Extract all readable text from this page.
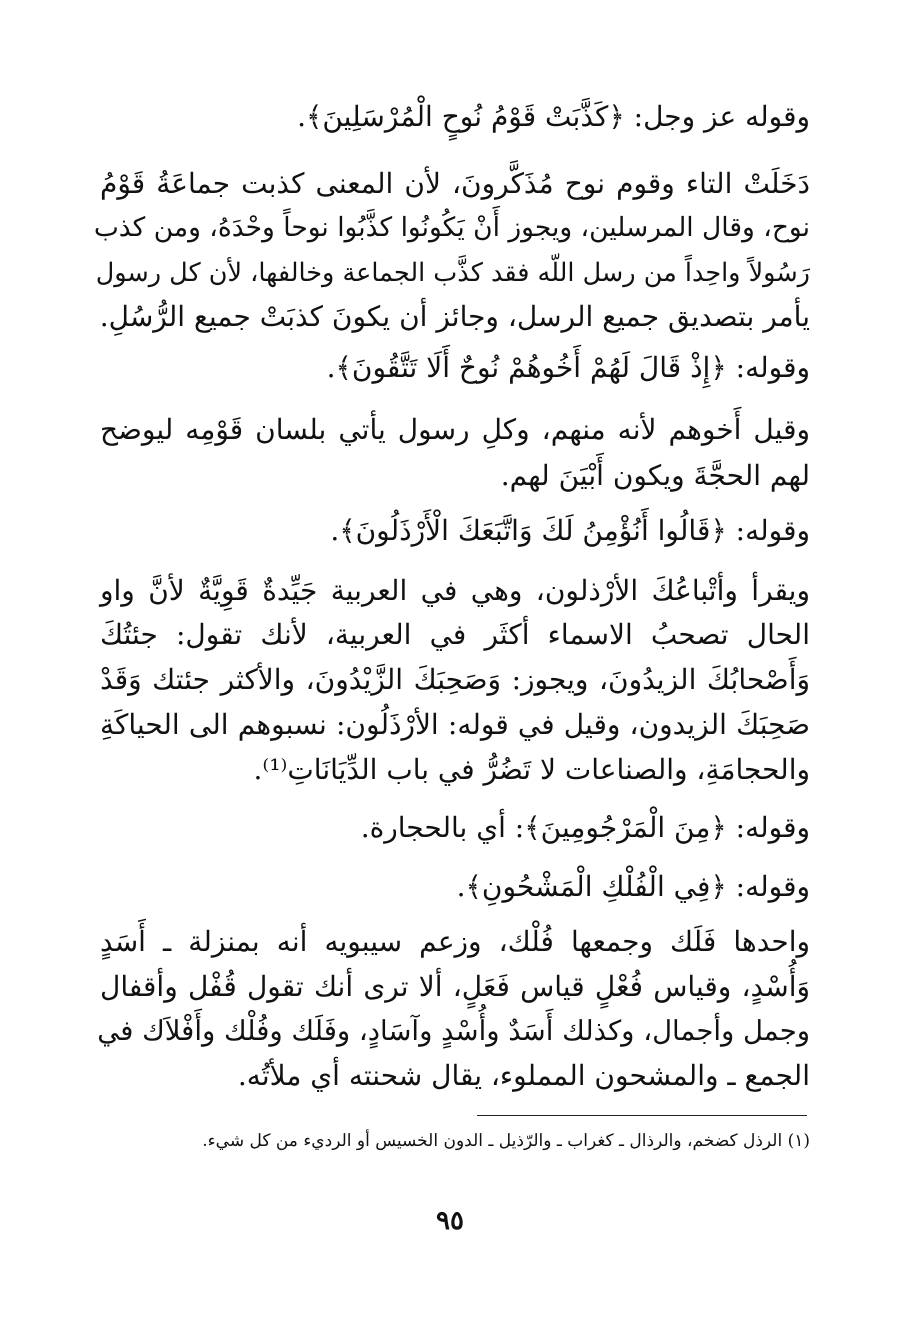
وقوله عز وجل: ﴿كَذَّبَتْ قَوْمُ نُوحٍ الْمُرْسَلِينَ﴾.
دَخَلَتْ التاء وقوم نوح مُذَكَّرونَ، لأن المعنى كذبت جماعَةُ قَوْمُ
نوح، وقال المرسلين، ويجوز أَنْ يَكُونُوا كذَّبُوا نوحاً وحْدَهُ، ومن كذب
رَسُولاً واحِداً من رسل اللّه فقد كذَّب الجماعة وخالفها، لأن كل رسول
يأمر بتصديق جميع الرسل، وجائز أن يكونَ كذبَتْ جميع الرُّسُلِ.
وقوله: ﴿إِذْ قَالَ لَهُمْ أَخُوهُمْ نُوحٌ أَلَا تَتَّقُونَ﴾.
وقيل أَخوهم لأنه منهم، وكلِ رسول يأتي بلسان قَوْمِه ليوضح
لهم الحجَّةَ ويكون أَبْيَنَ لهم.
وقوله: ﴿قَالُوا أَنُؤْمِنُ لَكَ وَاتَّبَعَكَ الْأَرْذَلُونَ﴾.
ويقرأ وأتْباعُكَ الأرْذلون، وهي في العربية جَيِّدةٌ قَوِيَّةٌ لأنَّ واو
الحال تصحبُ الاسماء أكثَر في العربية، لأنك تقول: جئتُكَ
وَأَصْحابُكَ الزيدُونَ، ويجوز: وَصَحِبَكَ الزَّيْدُونَ، والأكثر جئتك وَقَدْ
صَحِبَكَ الزيدون، وقيل في قوله: الأرْذَلُون: نسبوهم الى الحياكَةِ
والحجامَةِ، والصناعات لا تَضُرُّ في باب الدِّيَانَاتِ⁽¹⁾.
وقوله: ﴿مِنَ الْمَرْجُومِينَ﴾: أي بالحجارة.
وقوله: ﴿فِي الْفُلْكِ الْمَشْحُونِ﴾.
واحدها فَلَك وجمعها فُلْك، وزعم سيبويه أنه بمنزلة ـ أَسَدٍ
وَأُسْدٍ، وقياس فُعْلٍ قياس فَعَلٍ، ألا ترى أنك تقول قُفْل وأقفال
وجمل وأجمال، وكذلك أَسَدٌ وأُسْدٍ وآسَادٍ، وفَلَك وفُلْك وأَفْلاَك في
الجمع ـ والمشحون المملوء، يقال شحنته أي ملأتُه.
(١) الرذل كضخم، والرذال ـ كغراب ـ والرّذيل ـ الدون الخسيس أو الرديء من كل شيء.
٩٥
